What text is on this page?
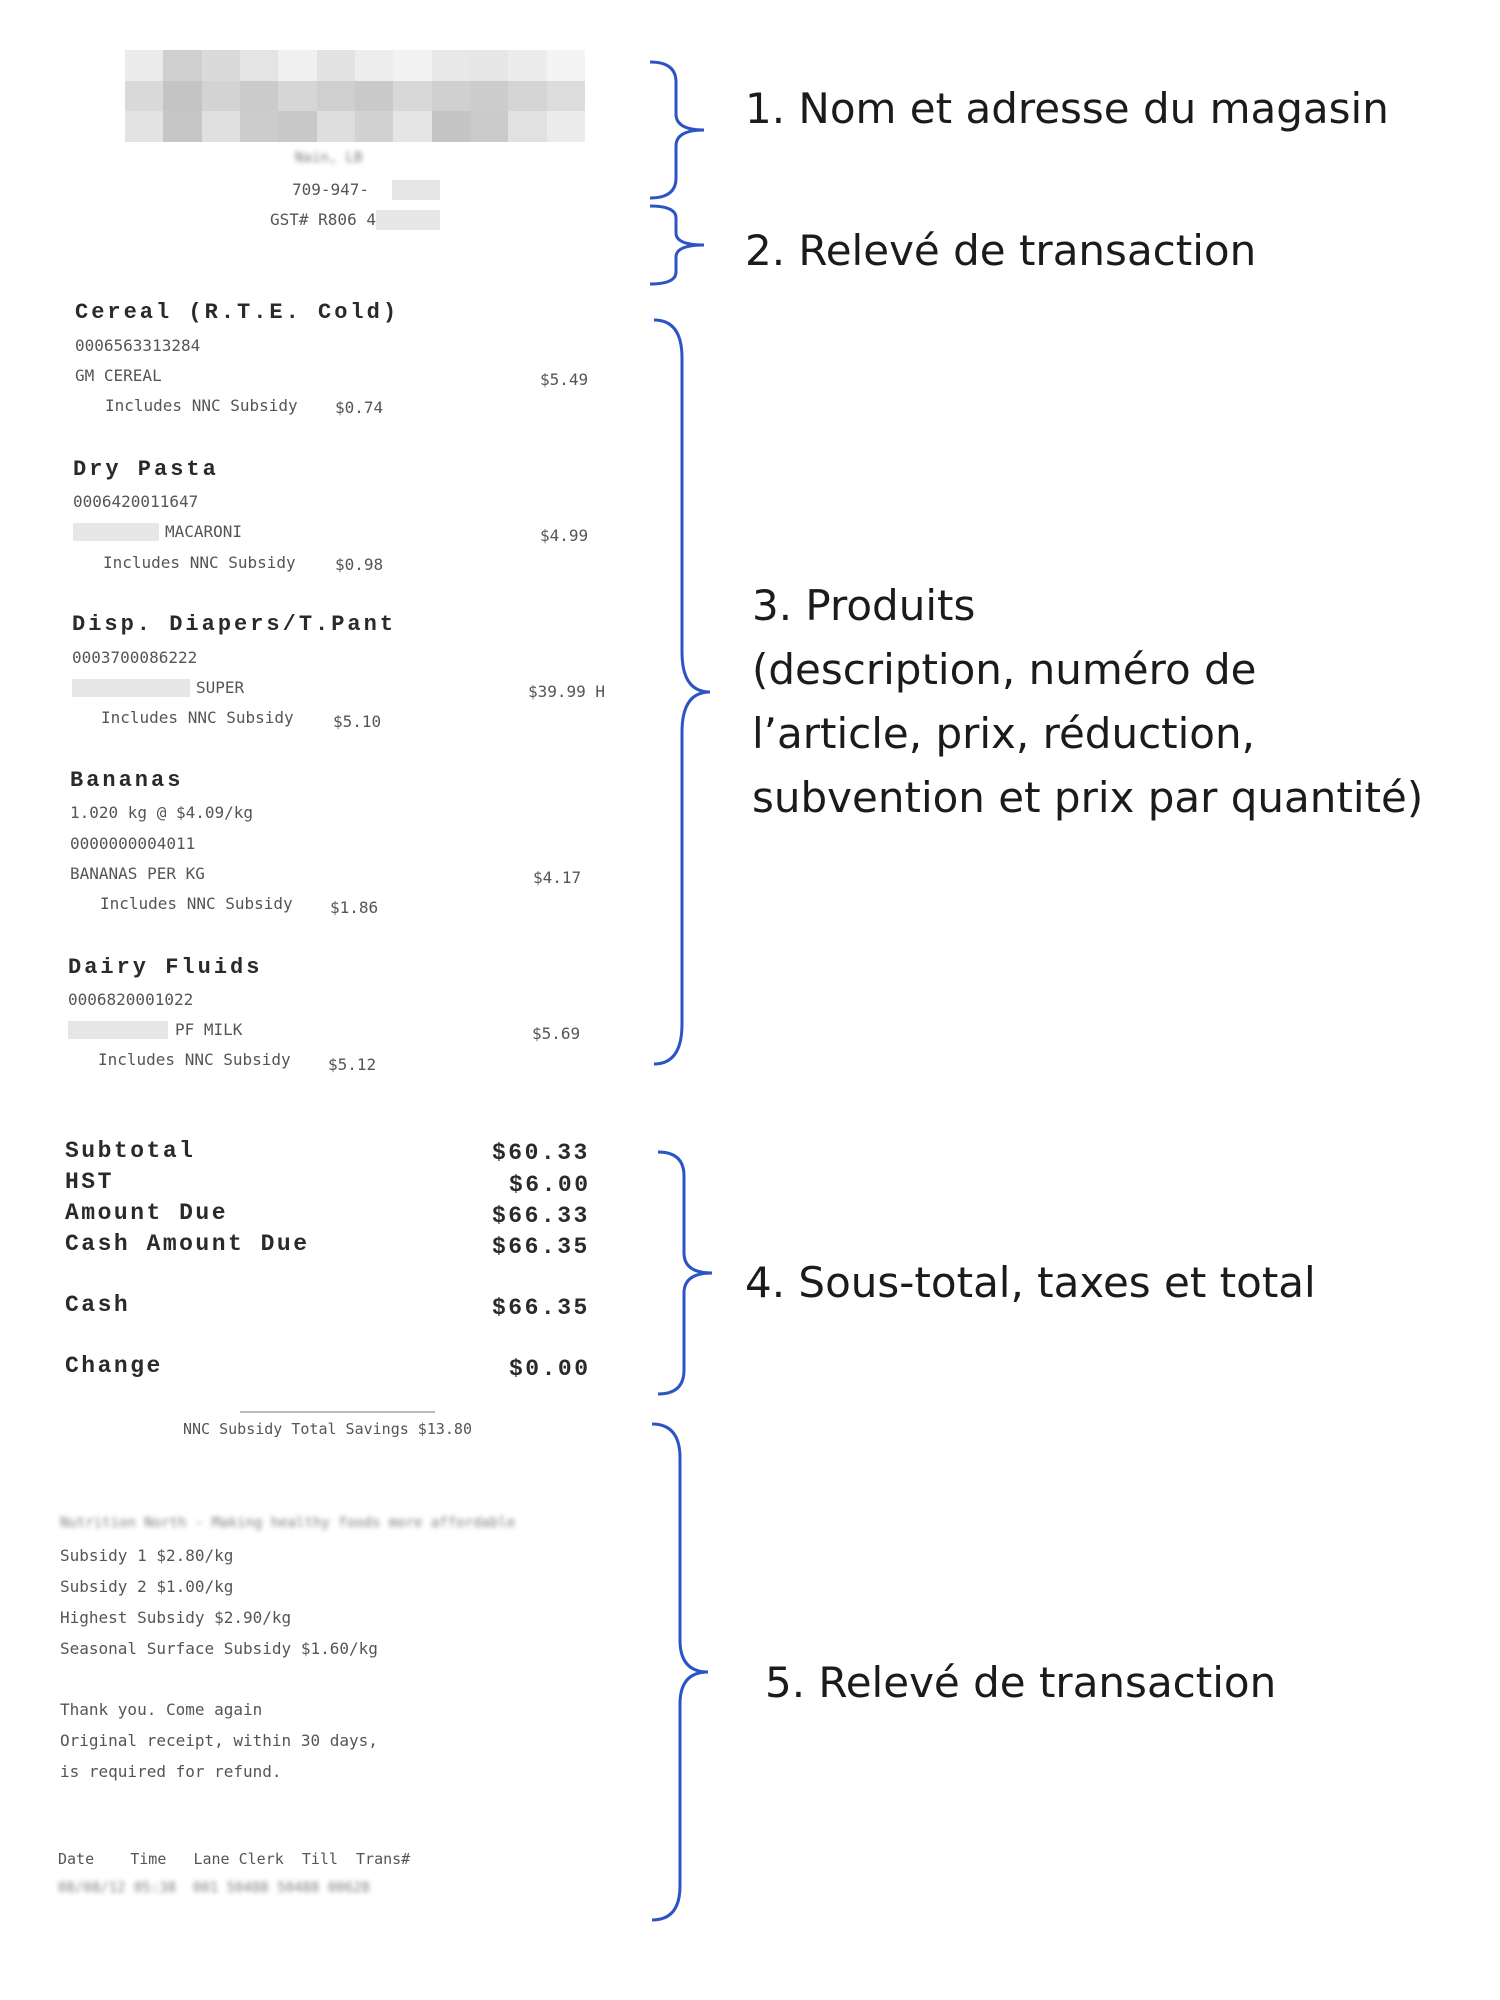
Nain, LB
709-947-
GST# R806 4
Cereal (R.T.E. Cold)
0006563313284
GM CEREAL	$5.49
Includes NNC Subsidy $0.74
Dry Pasta
0006420011647
MACARONI	$4.99
Includes NNC Subsidy $0.98
Disp. Diapers/T.Pant
0003700086222
SUPER	$39.99 H
Includes NNC Subsidy $5.10
Bananas
1.020 kg @ $4.09/kg
0000000004011
BANANAS PER KG	$4.17
Includes NNC Subsidy $1.86
Dairy Fluids
0006820001022
PF MILK	$5.69
Includes NNC Subsidy $5.12
Subtotal	$60.33
HST	$6.00
Amount Due	$66.33
Cash Amount Due	$66.35
Cash	$66.35
Change	$0.00
NNC Subsidy Total Savings $13.80
Nutrition North - Making healthy foods more affordable
Subsidy 1 $2.80/kg
Subsidy 2 $1.00/kg
Highest Subsidy $2.90/kg
Seasonal Surface Subsidy $1.60/kg
Thank you. Come again
Original receipt, within 30 days,
is required for refund.
Date    Time   Lane Clerk  Till  Trans#
08/08/12 05:38  001 50488 50488 00628
1. Nom et adresse du magasin
2. Relevé de transaction
3. Produits
(description, numéro de
l’article, prix, réduction,
subvention et prix par quantité)
4. Sous-total, taxes et total
5. Relevé de transaction
